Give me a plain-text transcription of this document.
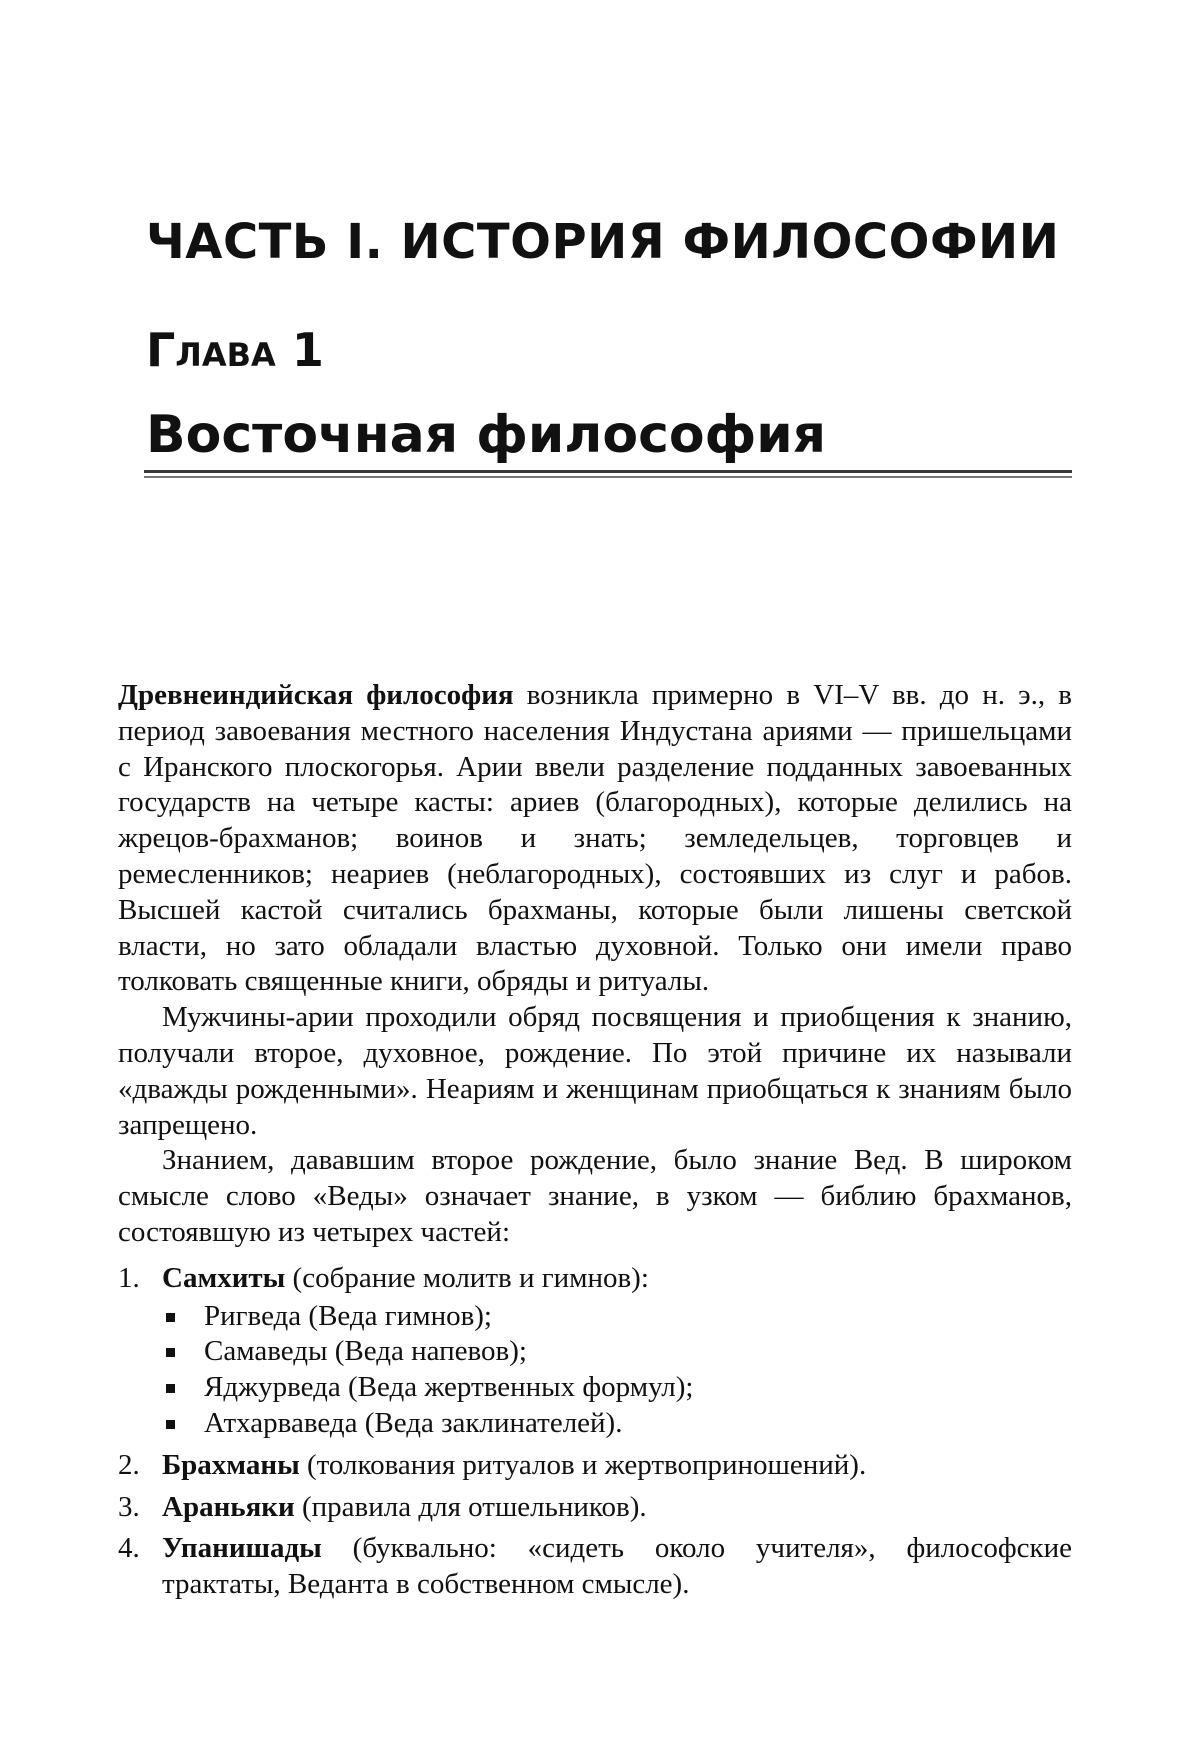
ЧАСТЬ I. ИСТОРИЯ ФИЛОСОФИИ
Глава 1
Восточная философия

Древнеиндийская философия возникла примерно в VI–V вв. до н. э., в период завоевания местного населения Индустана ариями — пришельцами с Иранского плоскогорья. Арии ввели разделение подданных завоеванных государств на четыре касты: ариев (благородных), которые делились на жрецов-брахманов; воинов и знать; земледельцев, торговцев и ремесленников; неариев (неблагородных), состоявших из слуг и рабов. Высшей кастой считались брахманы, которые были лишены светской власти, но зато обладали властью духовной. Только они имели право толковать священные книги, обряды и ритуалы.

Мужчины-арии проходили обряд посвящения и приобщения к знанию, получали второе, духовное, рождение. По этой причине их называли «дважды рожденными». Неариям и женщинам приобщаться к знаниям было запрещено.

Знанием, дававшим второе рождение, было знание Вед. В широком смысле слово «Веды» означает знание, в узком — библию брахманов, состоявшую из четырех частей:

1. Самхиты (собрание молитв и гимнов):
Ригведа (Веда гимнов);
Самаведы (Веда напевов);
Яджурведа (Веда жертвенных формул);
Атхарваведа (Веда заклинателей).
2. Брахманы (толкования ритуалов и жертвоприношений).
3. Араньяки (правила для отшельников).
4. Упанишады (буквально: «сидеть около учителя», философские трактаты, Веданта в собственном смысле).
